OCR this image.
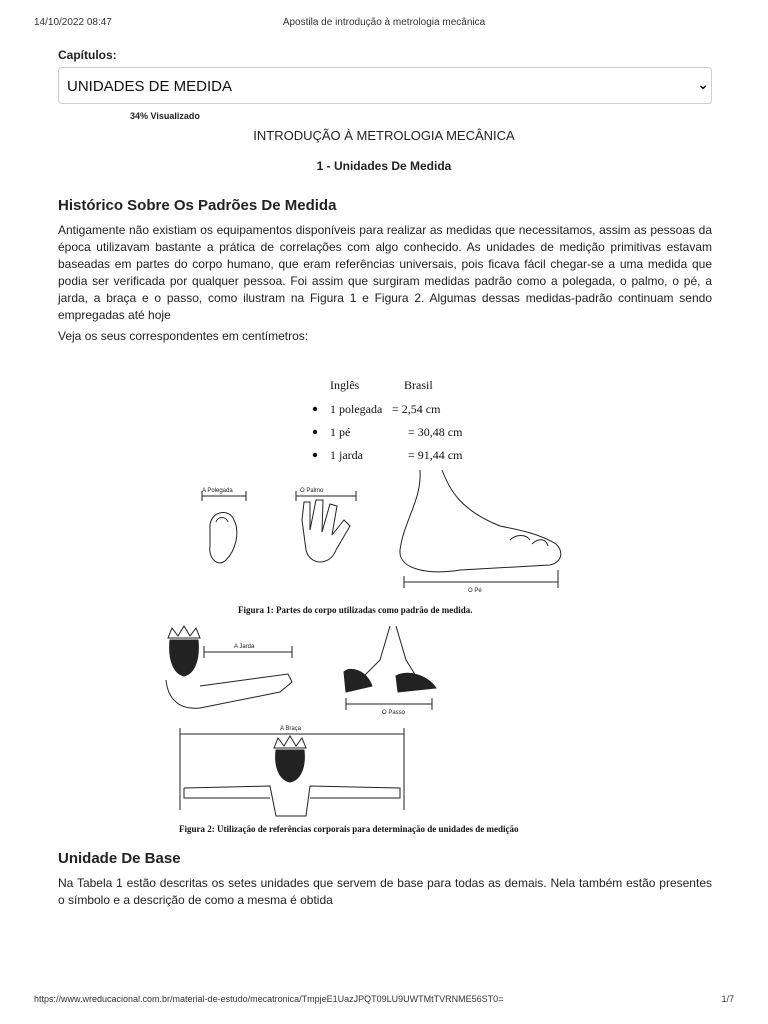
14/10/2022 08:47	Apostila de introdução à metrologia mecânica
Capítulos:
UNIDADES DE MEDIDA	⌄
34% Visualizado
INTRODUÇÃO À METROLOGIA MECÂNICA
1 - Unidades De Medida
Histórico Sobre Os Padrões De Medida
Antigamente não existiam os equipamentos disponíveis para realizar as medidas que necessitamos, assim as pessoas da época utilizavam bastante a prática de correlações com algo conhecido. As unidades de medição primitivas estavam baseadas em partes do corpo humano, que eram referências universais, pois ficava fácil chegar-se a uma medida que podia ser verificada por qualquer pessoa. Foi assim que surgiram medidas padrão como a polegada, o palmo, o pé, a jarda, a braça e o passo, como ilustram na Figura 1 e Figura 2. Algumas dessas medidas-padrão continuam sendo empregadas até hoje
Veja os seus correspondentes em centímetros:
Inglês	Brasil
1 polegada = 2,54 cm
1 pé	= 30,48 cm
1 jarda	= 91,44 cm
A Polegada	O Palmo
O Pé
Figura 1: Partes do corpo utilizadas como padrão de medida.
A Jarda
O Passo
A Braça
Figura 2: Utilização de referências corporais para determinação de unidades de medição
Unidade De Base
Na Tabela 1 estão descritas os setes unidades que servem de base para todas as demais. Nela também estão presentes o símbolo e a descrição de como a mesma é obtida
https://www.wreducacional.com.br/material-de-estudo/mecatronica/TmpjeE1UazJPQT09LU9UWTMtTVRNME56ST0=	1/7
